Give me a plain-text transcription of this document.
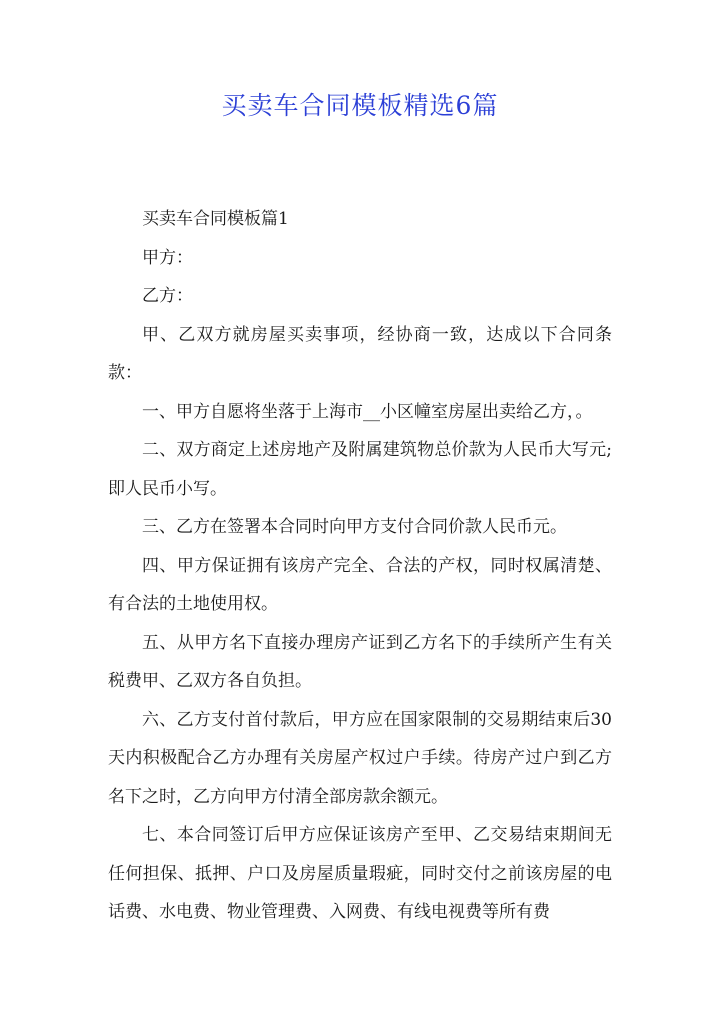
买卖车合同模板精选6篇

买卖车合同模板篇1

甲方：

乙方：

甲、乙双方就房屋买卖事项，经协商一致，达成以下合同条款：

一、甲方自愿将坐落于上海市__小区幢室房屋出卖给乙方，。

二、双方商定上述房地产及附属建筑物总价款为人民币大写元;即人民币小写。

三、乙方在签署本合同时向甲方支付合同价款人民币元。

四、甲方保证拥有该房产完全、合法的产权，同时权属清楚、有合法的土地使用权。

五、从甲方名下直接办理房产证到乙方名下的手续所产生有关税费甲、乙双方各自负担。

六、乙方支付首付款后，甲方应在国家限制的交易期结束后30天内积极配合乙方办理有关房屋产权过户手续。待房产过户到乙方名下之时，乙方向甲方付清全部房款余额元。

七、本合同签订后甲方应保证该房产至甲、乙交易结束期间无任何担保、抵押、户口及房屋质量瑕疵，同时交付之前该房屋的电话费、水电费、物业管理费、入网费、有线电视费等所有费
